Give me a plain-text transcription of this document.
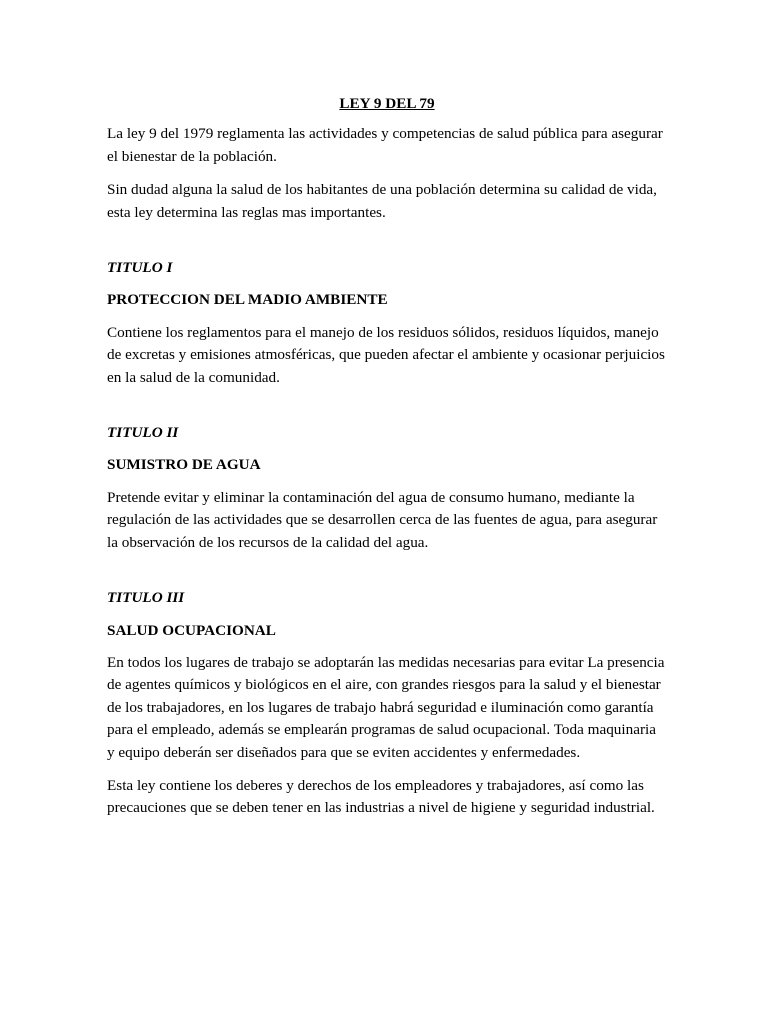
LEY 9 DEL 79

La ley 9 del 1979 reglamenta las actividades y competencias de salud pública para asegurar el bienestar de la población.

Sin dudad alguna la salud de los habitantes de una población determina su calidad de vida, esta ley determina las reglas mas importantes.

TITULO I

PROTECCION DEL MADIO AMBIENTE

Contiene los reglamentos para el manejo de los residuos sólidos, residuos líquidos, manejo de excretas y emisiones atmosféricas, que pueden afectar el ambiente y ocasionar perjuicios en la salud de la comunidad.

TITULO II

SUMISTRO DE AGUA

Pretende evitar y eliminar la contaminación del agua de consumo humano, mediante la regulación de las actividades que se desarrollen cerca de las fuentes de agua, para asegurar la observación de los recursos de la calidad del agua.

TITULO III

SALUD OCUPACIONAL

En todos los lugares de trabajo se adoptarán las medidas necesarias para evitar La presencia de agentes químicos y biológicos en el aire, con grandes riesgos para la salud y el bienestar de los trabajadores, en los lugares de trabajo habrá seguridad e iluminación como garantía para el empleado, además se emplearán programas de salud ocupacional. Toda maquinaria y equipo deberán ser diseñados para que se eviten accidentes y enfermedades.

Esta ley contiene los deberes y derechos de los empleadores y trabajadores, así como las precauciones que se deben tener en las industrias a nivel de higiene y seguridad industrial.
